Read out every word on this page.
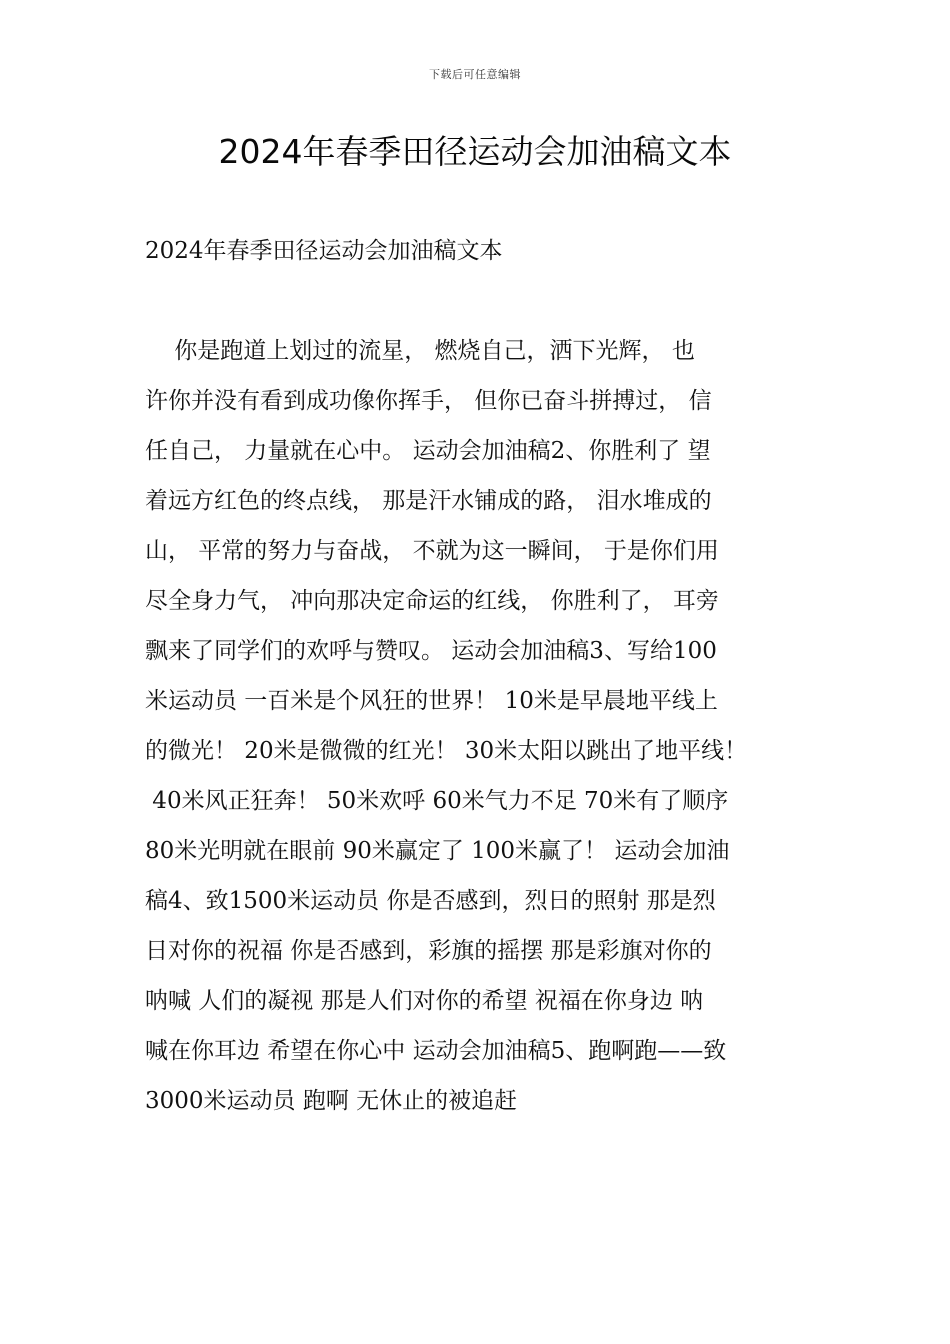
下载后可任意编辑
2024年春季田径运动会加油稿文本
2024年春季田径运动会加油稿文本
你是跑道上划过的流星， 燃烧自己，洒下光辉， 也
许你并没有看到成功像你挥手， 但你已奋斗拼搏过， 信
任自己， 力量就在心中。 运动会加油稿2、你胜利了 望
着远方红色的终点线， 那是汗水铺成的路， 泪水堆成的
山， 平常的努力与奋战， 不就为这一瞬间， 于是你们用
尽全身力气， 冲向那决定命运的红线， 你胜利了， 耳旁
飘来了同学们的欢呼与赞叹。 运动会加油稿3、写给100
米运动员 一百米是个风狂的世界！ 10米是早晨地平线上
的微光！ 20米是微微的红光！ 30米太阳以跳出了地平线！
40米风正狂奔！ 50米欢呼 60米气力不足 70米有了顺序
80米光明就在眼前 90米赢定了 100米赢了！ 运动会加油
稿4、致1500米运动员 你是否感到，烈日的照射 那是烈
日对你的祝福 你是否感到，彩旗的摇摆 那是彩旗对你的
呐喊 人们的凝视 那是人们对你的希望 祝福在你身边 呐
喊在你耳边 希望在你心中 运动会加油稿5、跑啊跑——致
3000米运动员 跑啊 无休止的被追赶
